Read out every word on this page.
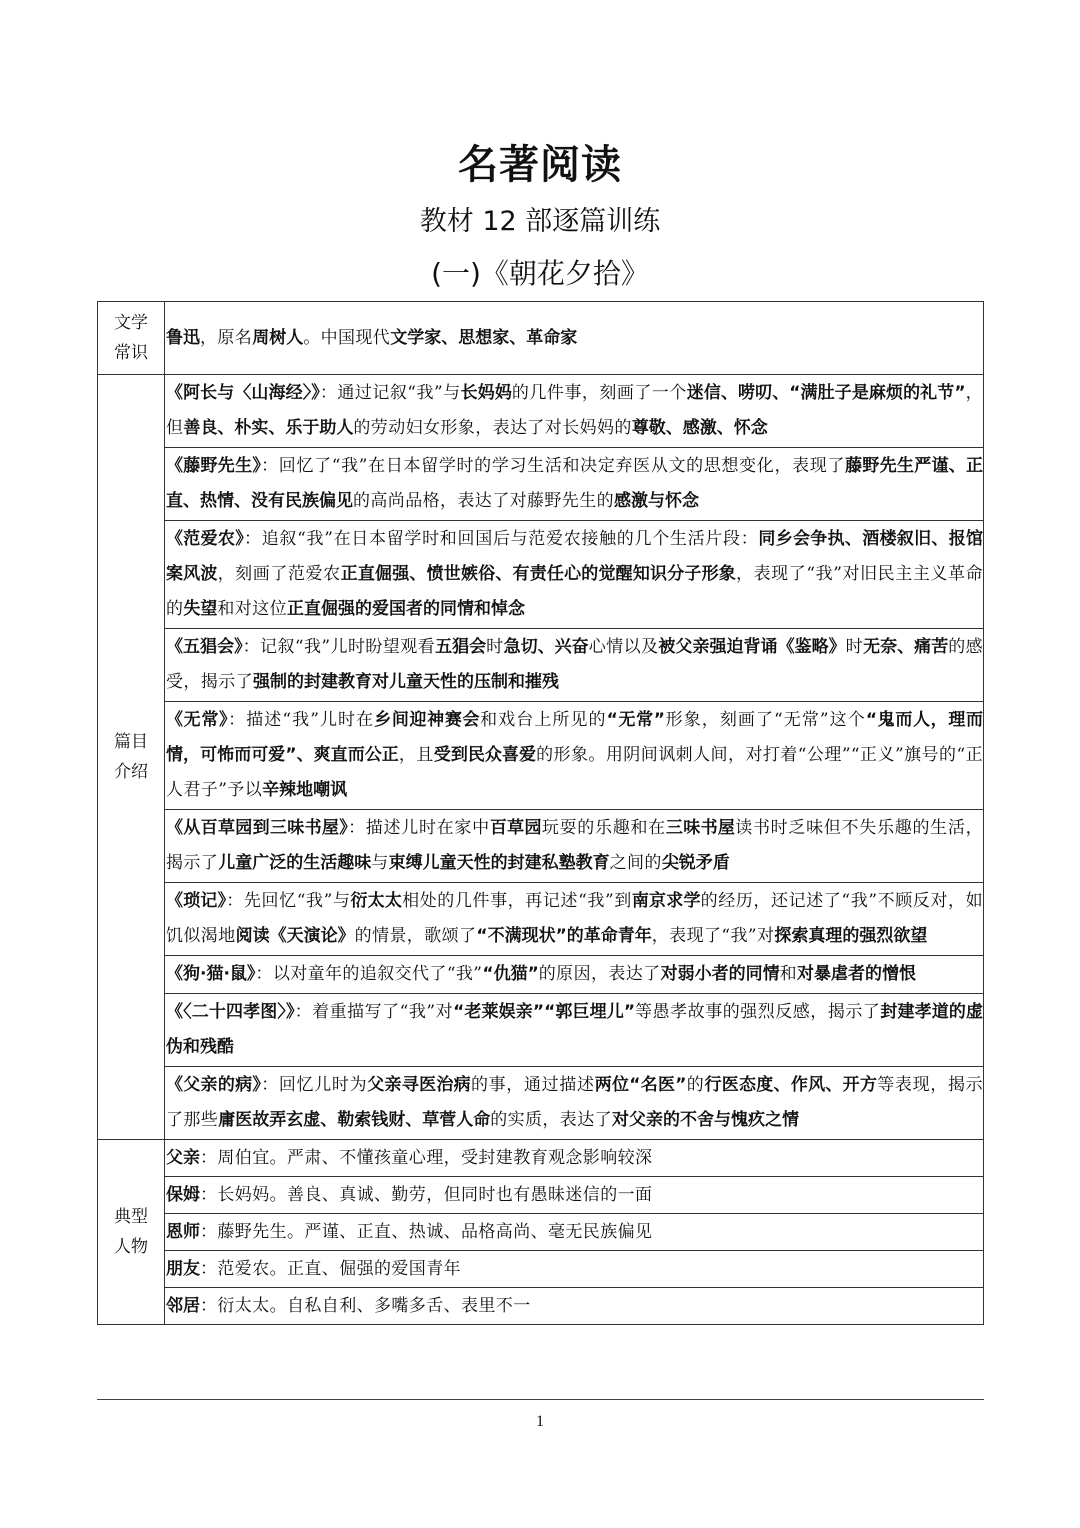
名著阅读
教材 12 部逐篇训练
(一)《朝花夕拾》
文学常识	鲁迅，原名周树人。中国现代文学家、思想家、革命家

篇目介绍	《阿长与〈山海经〉》：通过记叙“我”与长妈妈的几件事，刻画了一个迷信、唠叨、“满肚子是麻烦的礼节”，但善良、朴实、乐于助人的劳动妇女形象，表达了对长妈妈的尊敬、感激、怀念

	《藤野先生》：回忆了“我”在日本留学时的学习生活和决定弃医从文的思想变化，表现了藤野先生严谨、正直、热情、没有民族偏见的高尚品格，表达了对藤野先生的感激与怀念

	《范爱农》：追叙“我”在日本留学时和回国后与范爱农接触的几个生活片段：同乡会争执、酒楼叙旧、报馆案风波，刻画了范爱农正直倔强、愤世嫉俗、有责任心的觉醒知识分子形象，表现了“我”对旧民主主义革命的失望和对这位正直倔强的爱国者的同情和悼念

	《五猖会》：记叙“我”儿时盼望观看五猖会时急切、兴奋心情以及被父亲强迫背诵《鉴略》时无奈、痛苦的感受，揭示了强制的封建教育对儿童天性的压制和摧残

	《无常》：描述“我”儿时在乡间迎神赛会和戏台上所见的“无常”形象，刻画了“无常”这个“鬼而人，理而情，可怖而可爱”、爽直而公正，且受到民众喜爱的形象。用阴间讽刺人间，对打着“公理”“正义”旗号的“正人君子”予以辛辣地嘲讽

	《从百草园到三味书屋》：描述儿时在家中百草园玩耍的乐趣和在三味书屋读书时乏味但不失乐趣的生活，揭示了儿童广泛的生活趣味与束缚儿童天性的封建私塾教育之间的尖锐矛盾

	《琐记》：先回忆“我”与衍太太相处的几件事，再记述“我”到南京求学的经历，还记述了“我”不顾反对，如饥似渴地阅读《天演论》的情景，歌颂了“不满现状”的革命青年，表现了“我”对探索真理的强烈欲望

	《狗·猫·鼠》：以对童年的追叙交代了“我”“仇猫”的原因，表达了对弱小者的同情和对暴虐者的憎恨

	《〈二十四孝图〉》：着重描写了“我”对“老莱娱亲”“郭巨埋儿”等愚孝故事的强烈反感，揭示了封建孝道的虚伪和残酷

	《父亲的病》：回忆儿时为父亲寻医治病的事，通过描述两位“名医”的行医态度、作风、开方等表现，揭示了那些庸医故弄玄虚、勒索钱财、草菅人命的实质，表达了对父亲的不舍与愧疚之情

典型人物	父亲：周伯宜。严肃、不懂孩童心理，受封建教育观念影响较深

	保姆：长妈妈。善良、真诚、勤劳，但同时也有愚昧迷信的一面

	恩师：藤野先生。严谨、正直、热诚、品格高尚、毫无民族偏见

	朋友：范爱农。正直、倔强的爱国青年

	邻居：衍太太。自私自利、多嘴多舌、表里不一
1
